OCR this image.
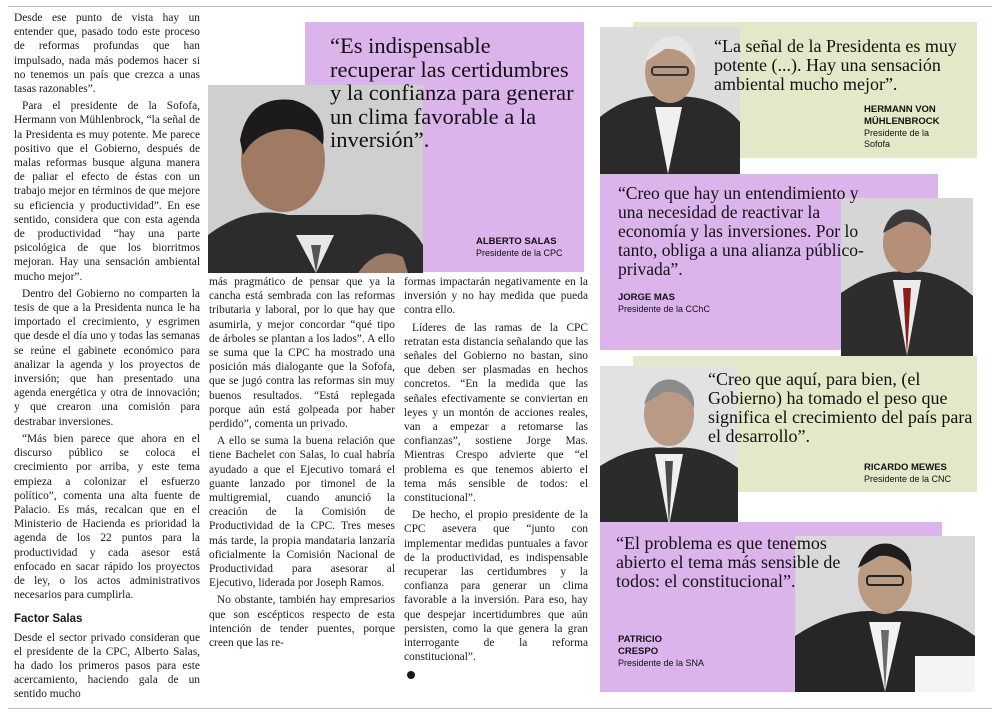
Desde ese punto de vista hay un entender que, pasado todo este proceso de reformas profundas que han impulsado, nada más podemos hacer si no tenemos un país que crezca a unas tasas razonables”.

Para el presidente de la Sofofa, Hermann von Mühlenbrock, “la señal de la Presidenta es muy potente. Me parece positivo que el Gobierno, después de malas reformas busque alguna manera de paliar el efecto de éstas con un trabajo mejor en términos de que mejore su eficiencia y productividad”. En ese sentido, considera que con esta agenda de productividad “hay una parte psicológica de que los biorritmos mejoran. Hay una sensación ambiental mucho mejor”.

Dentro del Gobierno no comparten la tesis de que a la Presidenta nunca le ha importado el crecimiento, y esgrimen que desde el día uno y todas las semanas se reúne el gabinete económico para analizar la agenda y los proyectos de inversión; que han presentado una agenda energética y otra de innovación; y que crearon una comisión para destrabar inversiones.

“Más bien parece que ahora en el discurso público se coloca el crecimiento por arriba, y este tema empieza a colonizar el esfuerzo político”, comenta una alta fuente de Palacio. Es más, recalcan que en el Ministerio de Hacienda es prioridad la agenda de los 22 puntos para la productividad y cada asesor está enfocado en sacar rápido los proyectos de ley, o los actos administrativos necesarios para cumplirla.

Factor Salas

Desde el sector privado consideran que el presidente de la CPC, Alberto Salas, ha dado los primeros pasos para este acercamiento, haciendo gala de un sentido mucho

más pragmático de pensar que ya la cancha está sembrada con las reformas tributaria y laboral, por lo que hay que asumirla, y mejor concordar “qué tipo de árboles se plantan a los lados”. A ello se suma que la CPC ha mostrado una posición más dialogante que la Sofofa, que se jugó contra las reformas sin muy buenos resultados. “Está replegada porque aún está golpeada por haber perdido”, comenta un privado.

A ello se suma la buena relación que tiene Bachelet con Salas, lo cual habría ayudado a que el Ejecutivo tomará el guante lanzado por timonel de la multigremial, cuando anunció la creación de la Comisión de Productividad de la CPC. Tres meses más tarde, la propia mandataria lanzaría oficialmente la Comisión Nacional de Productividad para asesorar al Ejecutivo, liderada por Joseph Ramos.

No obstante, también hay empresarios que son escépticos respecto de esta intención de tender puentes, porque creen que las re-

formas impactarán negativamente en la inversión y no hay medida que pueda contra ello.

Líderes de las ramas de la CPC retratan esta distancia señalando que las señales del Gobierno no bastan, sino que deben ser plasmadas en hechos concretos. “En la medida que las señales efectivamente se conviertan en leyes y un montón de acciones reales, van a empezar a retomarse las confianzas”, sostiene Jorge Mas. Mientras Crespo advierte que “el problema es que tenemos abierto el tema más sensible de todos: el constitucional”.

De hecho, el propio presidente de la CPC asevera que “junto con implementar medidas puntuales a favor de la productividad, es indispensable recuperar las certidumbres y la confianza para generar un clima favorable a la inversión. Para eso, hay que despejar incertidumbres que aún persisten, como la que genera la gran interrogante de la reforma constitucional”.

“Es indispensable recuperar las certidumbres y la confianza para generar un clima favorable a la inversión”.
ALBERTO SALAS
Presidente de la CPC
“La señal de la Presidenta es muy potente (...). Hay una sensación ambiental mucho mejor”.
HERMANN VON
MÜHLENBROCK
Presidente de la
Sofofa
“Creo que hay un entendimiento y una necesidad de reactivar la economía y las inversiones. Por lo tanto, obliga a una alianza público-privada”.
JORGE MAS
Presidente de la CChC
“Creo que aquí, para bien, (el Gobierno) ha tomado el peso que significa el crecimiento del país para el desarrollo”.
RICARDO MEWES
Presidente de la CNC
“El problema es que tenemos abierto el tema más sensible de todos: el constitucional”.
PATRICIO
CRESPO
Presidente de la SNA
